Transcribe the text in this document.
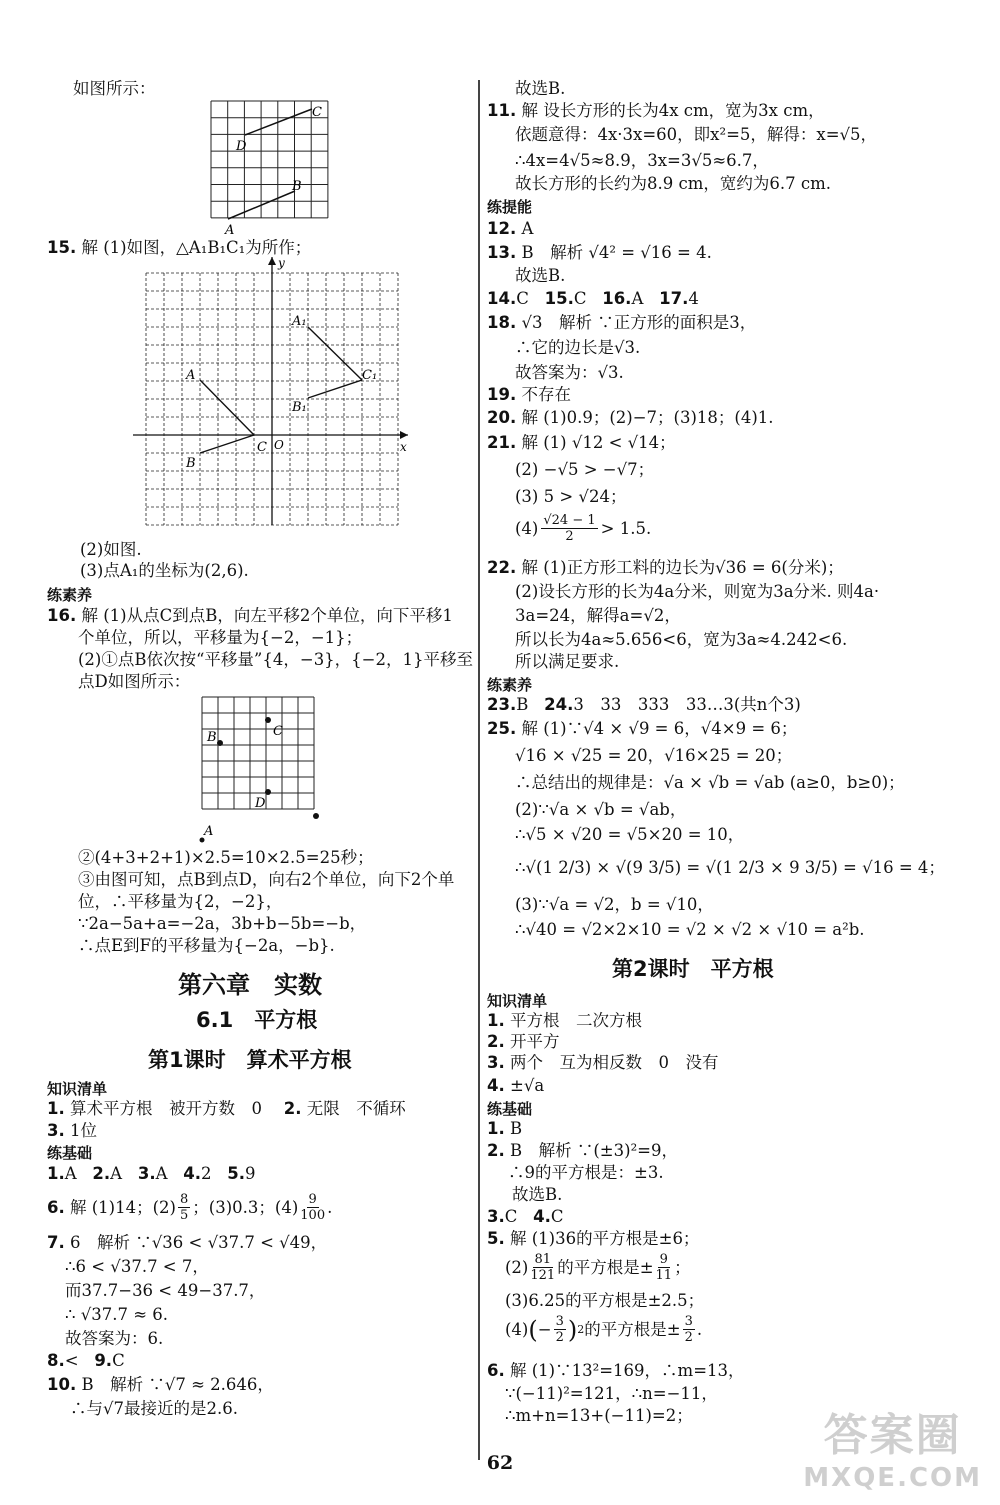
如图所示：
C
D
B
A
15. 解 (1)如图，△A₁B₁C₁为所作；
y
x
O
A₁
C₁
B₁
A
C
B
(2)如图.
(3)点A₁的坐标为(2,6).
练素养
16. 解 (1)从点C到点B，向左平移2个单位，向下平移1
个单位，所以，平移量为{−2，−1}；
(2)①点B依次按“平移量”{4，−3}，{−2，1}平移至
点D如图所示：
B	C
D
A
②(4+3+2+1)×2.5=10×2.5=25秒；
③由图可知，点B到点D，向右2个单位，向下2个单
位，∴平移量为{2，−2}，
∵2a−5a+a=−2a，3b+b−5b=−b，
∴点E到F的平移量为{−2a，−b}.
第六章　实数
6.1　平方根
第1课时　算术平方根
知识清单
1. 算术平方根　被开方数　0　 2. 无限　不循环
3. 1位
练基础
1.A 2.A 3.A 4.2 5.9
6.
解 (1)14；$(2) \frac{8}{5}$ ；(3)0.3；$(4) \frac{9}{100}$ .
7. 6　解析 ∵√36 < √37.7 < √49，
∴6 < √37.7 < 7，
而37.7−36 < 49−37.7，
∴ √37.7 ≈ 6.
故答案为：6.
8.< 9.C
10. B　解析 ∵√7 ≈ 2.646，
∴与√7最接近的是2.6.
故选B.
11. 解 设长方形的长为4x cm，宽为3x cm，
依题意得：4x·3x=60，即x²=5，解得：x=√5，
∴4x=4√5≈8.9，3x=3√5≈6.7，
故长方形的长约为8.9 cm，宽约为6.7 cm.
练提能
12. A
13. B　解析 √4² = √16 = 4.
故选B.
14.C 15.C 16.A 17.4
18. √3　解析 ∵正方形的面积是3，
∴它的边长是√3.
故答案为：√3.
19. 不存在
20. 解 (1)0.9；(2)−7；(3)18；(4)1.
21. 解 (1) √12 < √14；
(2) −√5 > −√7；
(3) 5 > √24；
$(4) \frac{√24 - 1}{2} > 1.5$.
22. 解 (1)正方形工料的边长为√36 = 6(分米)；
(2)设长方形的长为4a分米，则宽为3a分米. 则4a·
3a=24，解得a=√2，
所以长为4a≈5.656<6，宽为3a≈4.242<6.
所以满足要求.
练素养
23.B 24.3　33　333　33…3(共n个3)
25. 解 (1)∵√4 × √9 = 6，√4×9 = 6；
√16 × √25 = 20，√16×25 = 20；
∴总结出的规律是：√a × √b = √ab (a≥0，b≥0)；
(2)∵√a × √b = √ab，
∴√5 × √20 = √5×20 = 10，
∴√(1 2/3) × √(9 3/5) = √(1 2/3 × 9 3/5) = √16 = 4；
(3)∵√a = √2，b = √10，
∴√40 = √2×2×10 = √2 × √2 × √10 = a²b.
第2课时　平方根
知识清单
1. 平方根　二次方根
2. 开平方
3. 两个　互为相反数　0　没有
4. ±√a
练基础
1. B
2. B　解析 ∵(±3)²=9，
∴9的平方根是：±3.
故选B.
3.C 4.C
5. 解 (1)36的平方根是±6；
$(2) \frac{81}{121}$ 的平方根是± $\frac{9}{11}$ ；
(3)6.25的平方根是±2.5；
(4) ( − $\frac{3}{2}$ ) 2 的平方根是± $\frac{3}{2}$ .
6. 解 (1)∵13²=169，∴m=13，
∵(−11)²=121，∴n=−11，
∴m+n=13+(−11)=2；
62
答案圈
MXQE.COM
